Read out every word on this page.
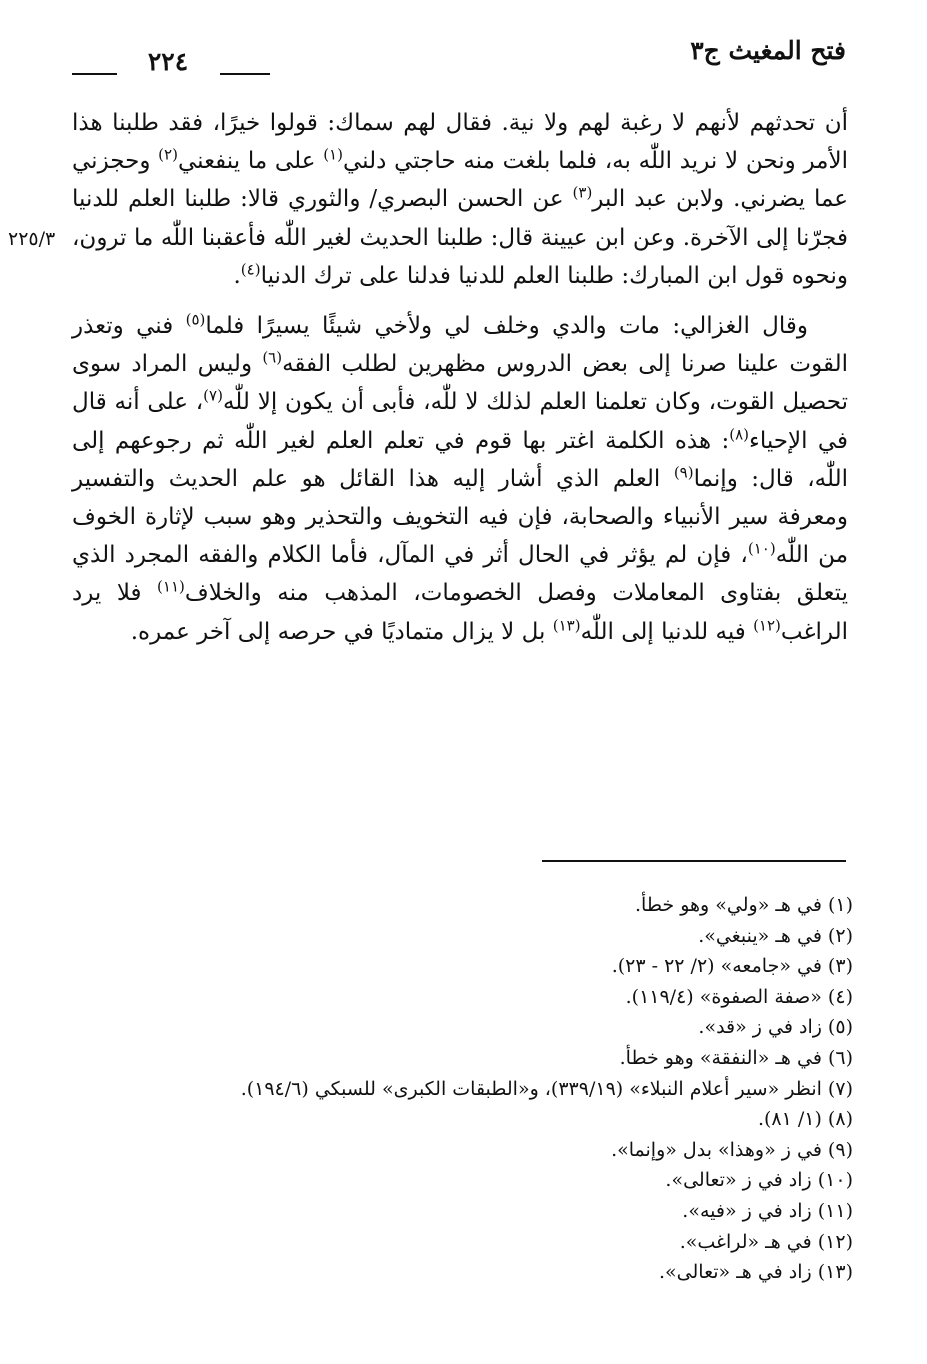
فتح المغيث ج٣
٢٢٤
٢٢٥/٣

أن تحدثهم لأنهم لا رغبة لهم ولا نية. فقال لهم سماك: قولوا خيرًا، فقد طلبنا هذا الأمر ونحن لا نريد اللّٰه به، فلما بلغت منه حاجتي دلني$^{(١)}$ على ما ينفعني$^{(٢)}$ وحجزني عما يضرني. ولابن عبد البر$^{(٣)}$ عن الحسن البصري/ والثوري قالا: طلبنا العلم للدنيا فجرّنا إلى الآخرة. وعن ابن عيينة قال: طلبنا الحديث لغير اللّٰه فأعقبنا اللّٰه ما ترون، ونحوه قول ابن المبارك: طلبنا العلم للدنيا فدلنا على ترك الدنيا$^{(٤)}$.

وقال الغزالي: مات والدي وخلف لي ولأخي شيئًا يسيرًا فلما$^{(٥)}$ فني وتعذر القوت علينا صرنا إلى بعض الدروس مظهرين لطلب الفقه$^{(٦)}$ وليس المراد سوى تحصيل القوت، وكان تعلمنا العلم لذلك لا للّٰه، فأبى أن يكون إلا للّٰه$^{(٧)}$، على أنه قال في الإحياء$^{(٨)}$: هذه الكلمة اغتر بها قوم في تعلم العلم لغير اللّٰه ثم رجوعهم إلى اللّٰه، قال: وإنما$^{(٩)}$ العلم الذي أشار إليه هذا القائل هو علم الحديث والتفسير ومعرفة سير الأنبياء والصحابة، فإن فيه التخويف والتحذير وهو سبب لإثارة الخوف من اللّٰه$^{(١٠)}$، فإن لم يؤثر في الحال أثر في المآل، فأما الكلام والفقه المجرد الذي يتعلق بفتاوى المعاملات وفصل الخصومات، المذهب منه والخلاف$^{(١١)}$ فلا يرد الراغب$^{(١٢)}$ فيه للدنيا إلى اللّٰه$^{(١٣)}$ بل لا يزال متماديًا في حرصه إلى آخر عمره.

(١) في هـ «ولي» وهو خطأ.
(٢) في هـ «ينبغي».
(٣) في «جامعه» (٢/ ٢٢ - ٢٣).
(٤) «صفة الصفوة» (١١٩/٤).
(٥) زاد في ز «قد».
(٦) في هـ «النفقة» وهو خطأ.
(٧) انظر «سير أعلام النبلاء» (٣٣٩/١٩)، و«الطبقات الكبرى» للسبكي (١٩٤/٦).
(٨) (١/ ٨١).
(٩) في ز «وهذا» بدل «وإنما».
(١٠) زاد في ز «تعالى».
(١١) زاد في ز «فيه».
(١٢) في هـ «لراغب».
(١٣) زاد في هـ «تعالى».
